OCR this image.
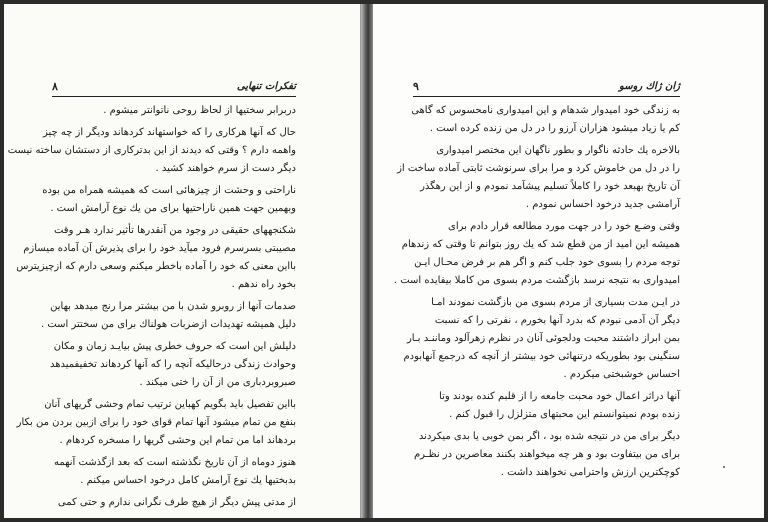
تفکرات تنهایی
۸
دربرابر سختیها از لحاظ روحی ناتوانتر میشوم .
حال که آنها هرکاری را که خواستهاند کردهاند ودیگر از چه چیز
واهمه دارم ؟ وقتی که دیدند از این بدترکاری از دستشان ساخته نیست
دیگر دست از سرم خواهند کشید .
ناراحتی و وحشت از چیزهائی است که همیشه همراه من بوده
وبهمین جهت همین ناراحتیها برای من یك نوع آرامش است .
شکنجههای حقیقی در وجود من آنقدرها تأثیر ندارد هـر وقت
مصیبتی بسرسرم فرود میآید خود را برای پذیرش آن آماده میسازم
بااین معنی که خود را آماده باخطر میکنم وسعی دارم که ازچیزیترس
بخود راه ندهم .
صدمات آنها از روبرو شدن با من بیشتر مرا رنج میدهد بهاین
دلیل همیشه تهدیدات ازضربات هولناك برای من سختتر است .
دلیلش این است که حروف خطری پیش بیایـد زمان و مکان
وحوادث زندگی درحالیکه آنچه را که آنها کردهاند تخفیفمیدهد
صبروبردباری من از آن را ختی میکند .
بااین تفصیل باید بگویم کهباین ترتیب تمام وحشی گریهای آنان
بنفع من تمام میشود آنها تمام قوای خود را برای ازبین بردن من بکار
بردهاند اما من تمام این وحشی گریها را مسخره کردهام .
هنوز دوماه از آن تاریخ نگذشته است که بعد ازگذشت آنهمه
بدبختیها یك نوع آرامش کامل درخود احساس میکنم .
از مدتی پیش دیگر از هیچ طرف نگرانی ندارم و حتی کمی
ژان ژاك روسو
۹
به زندگی خود امیدوار شدهام و این امیدواری نامحسوس که گاهی
کم یا زیاد میشود هزاران آرزو را در دل من زنده کرده است .
بالاخره یك حادثه ناگوار و بطور ناگهان این مختصر امیدواری
را در دل من خاموش کرد و مرا برای سرنوشت ثابتی آماده ساخت از
آن تاریخ بهبعد خود را کاملاً تسلیم پیشآمد نمودم و از این رهگذر
آرامشی جدید درخود احساس نمودم .
وقتی وضـع خود را در جهت مورد مطالعه قرار دادم برای
همیشه این امید از من قطع شد که یك روز بتوانم تا وقتی که زندهام
توجه مردم را بسوی خود جلب کنم و اگر هم بر فرض محـال ایـن
امیدواری به نتیجه نرسد بازگشت مردم بسوی من کاملا بیفایده است .
در ایـن مدت بسیاری از مردم بسوی من بازگشت نمودند امـا
دیگر آن آدمی نبودم که بدرد آنها بخورم ، نفرتی را که نسبت
بمن ابراز داشتند محبت ودلجوئی آنان در نظرم زهرآلود وماننـد بـار
سنگینی بود بطوریکه درتنهائی خود بیشتر از آنچه که درجمع آنهابودم
احساس خوشبختی میکردم .
آنها دراثر اعمال خود محبت جامعه را از قلبم کنده بودند وتا
زنده بودم نمیتوانستم این محبتهای متزلزل را قبول کنم .
دیگر برای من در نتیجه شده بود ، اگر بمن خوبی یا بدی میکردند
برای من بیتفاوت بود و هر چه میخواهند بکنند معاصرین در نظـرم
کوچکترین ارزش واحترامی نخواهند داشت .
